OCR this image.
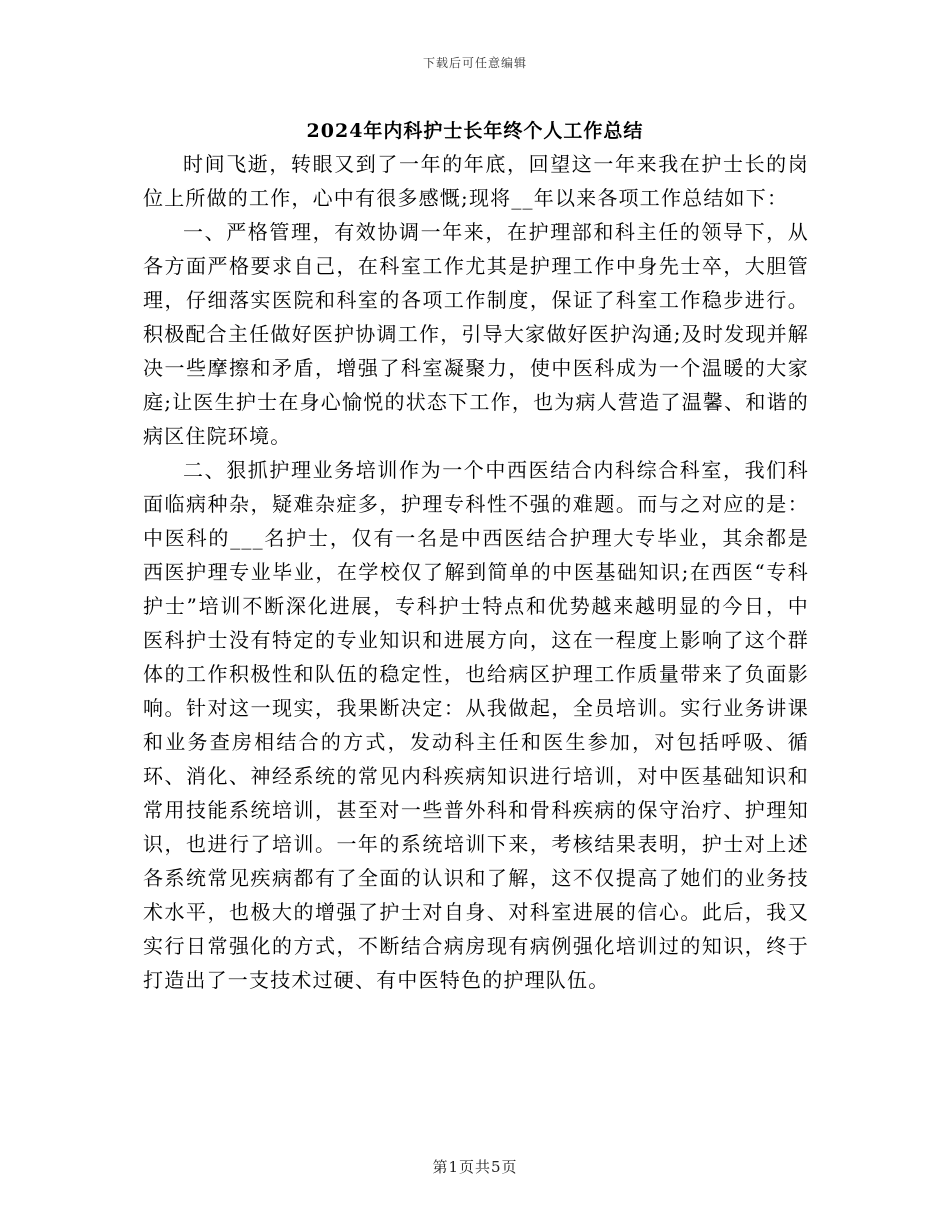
下载后可任意编辑
2024年内科护士长年终个人工作总结

时间飞逝，转眼又到了一年的年底，回望这一年来我在护士长的岗位上所做的工作，心中有很多感慨;现将__年以来各项工作总结如下：

一、严格管理，有效协调一年来，在护理部和科主任的领导下，从各方面严格要求自己，在科室工作尤其是护理工作中身先士卒，大胆管理，仔细落实医院和科室的各项工作制度，保证了科室工作稳步进行。积极配合主任做好医护协调工作，引导大家做好医护沟通;及时发现并解决一些摩擦和矛盾，增强了科室凝聚力，使中医科成为一个温暖的大家庭;让医生护士在身心愉悦的状态下工作，也为病人营造了温馨、和谐的病区住院环境。

二、狠抓护理业务培训作为一个中西医结合内科综合科室，我们科面临病种杂，疑难杂症多，护理专科性不强的难题。而与之对应的是：中医科的___名护士，仅有一名是中西医结合护理大专毕业，其余都是西医护理专业毕业，在学校仅了解到简单的中医基础知识;在西医“专科护士”培训不断深化进展，专科护士特点和优势越来越明显的今日，中医科护士没有特定的专业知识和进展方向，这在一程度上影响了这个群体的工作积极性和队伍的稳定性，也给病区护理工作质量带来了负面影响。针对这一现实，我果断决定：从我做起，全员培训。实行业务讲课和业务查房相结合的方式，发动科主任和医生参加，对包括呼吸、循环、消化、神经系统的常见内科疾病知识进行培训，对中医基础知识和常用技能系统培训，甚至对一些普外科和骨科疾病的保守治疗、护理知识，也进行了培训。一年的系统培训下来，考核结果表明，护士对上述各系统常见疾病都有了全面的认识和了解，这不仅提高了她们的业务技术水平，也极大的增强了护士对自身、对科室进展的信心。此后，我又实行日常强化的方式，不断结合病房现有病例强化培训过的知识，终于打造出了一支技术过硬、有中医特色的护理队伍。

第1页共5页
